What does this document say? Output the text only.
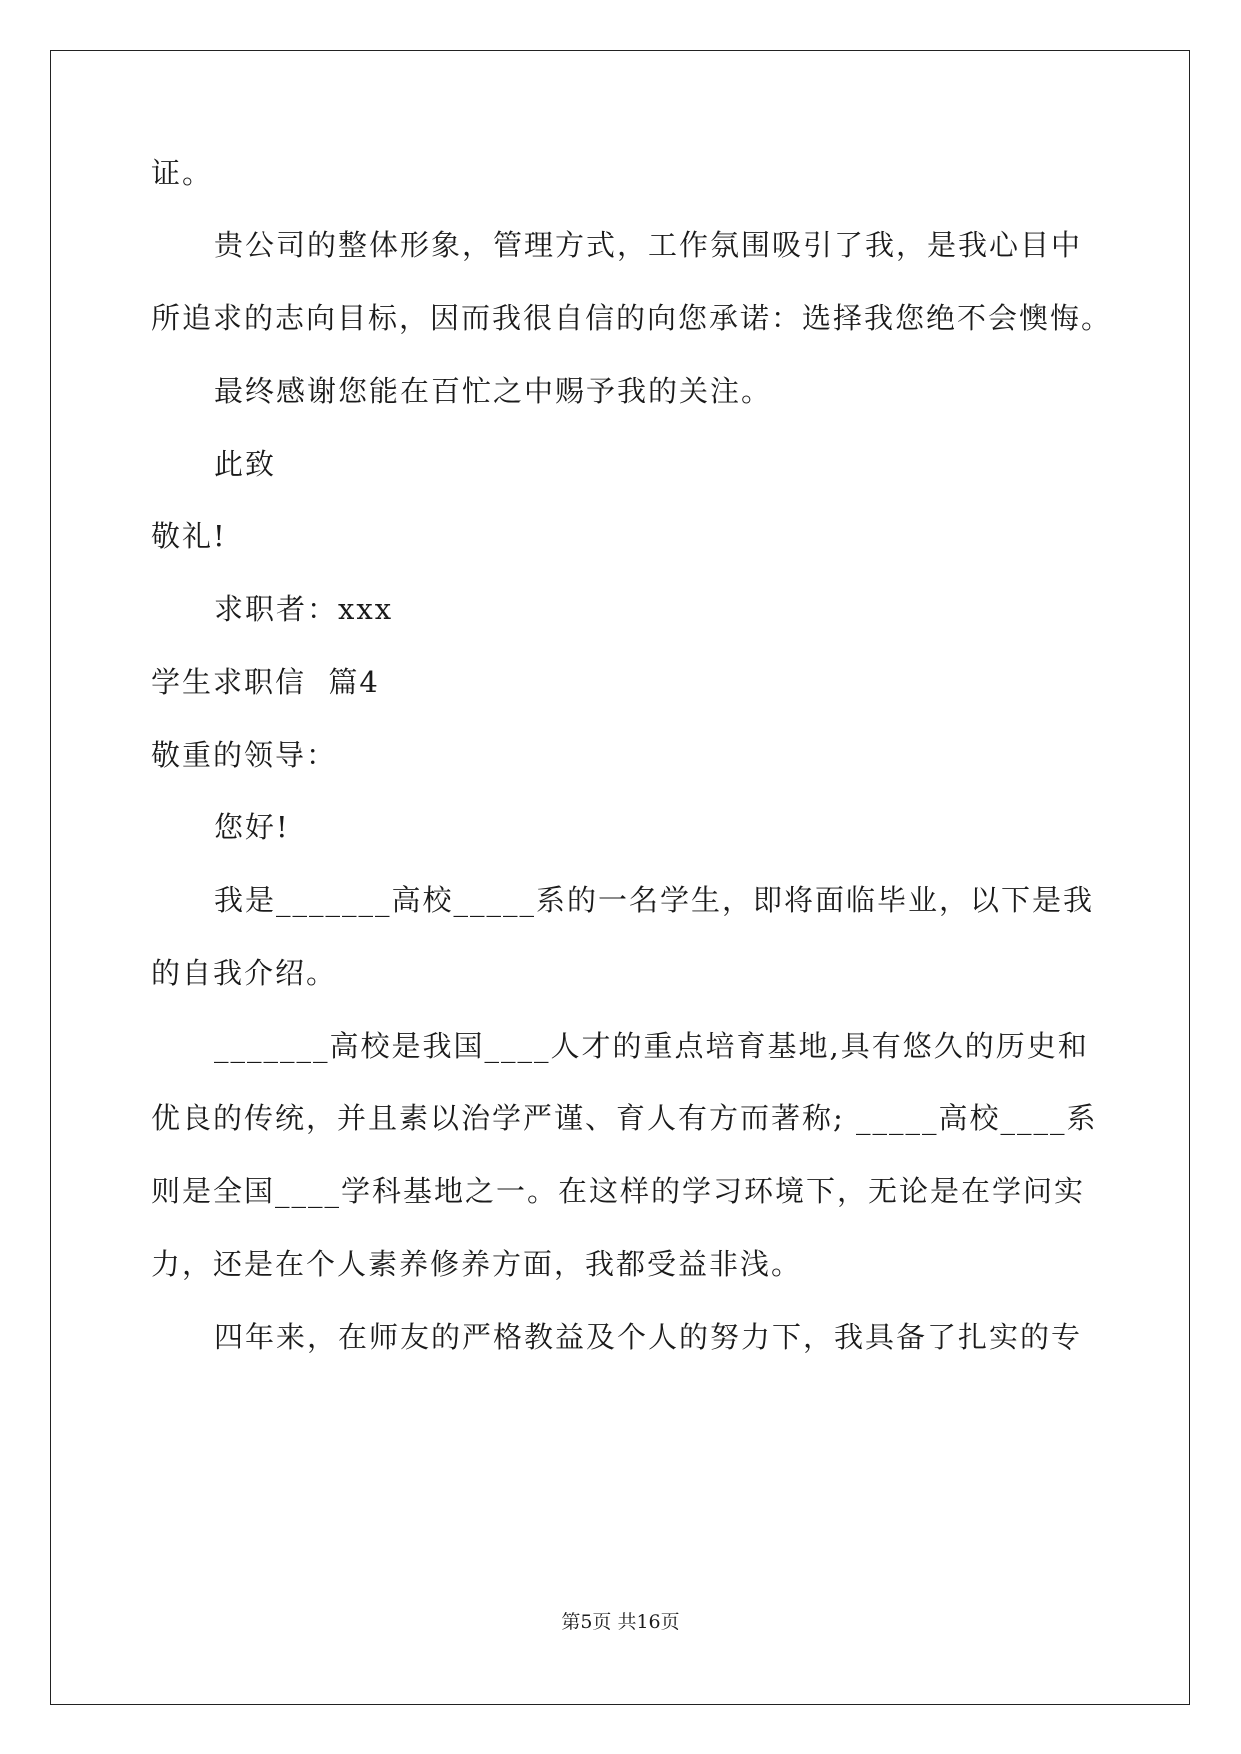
证。
贵公司的整体形象，管理方式，工作氛围吸引了我，是我心目中
所追求的志向目标，因而我很自信的向您承诺：选择我您绝不会懊悔。
最终感谢您能在百忙之中赐予我的关注。
此致
敬礼!
求职者：xxx
学生求职信  篇4
敬重的领导：
您好!
我是_______高校_____系的一名学生，即将面临毕业，以下是我
的自我介绍。
_______高校是我国____人才的重点培育基地,具有悠久的历史和
优良的传统，并且素以治学严谨、育人有方而著称; _____高校____系
则是全国____学科基地之一。在这样的学习环境下，无论是在学问实
力，还是在个人素养修养方面，我都受益非浅。
四年来，在师友的严格教益及个人的努力下，我具备了扎实的专
第5页 共16页
